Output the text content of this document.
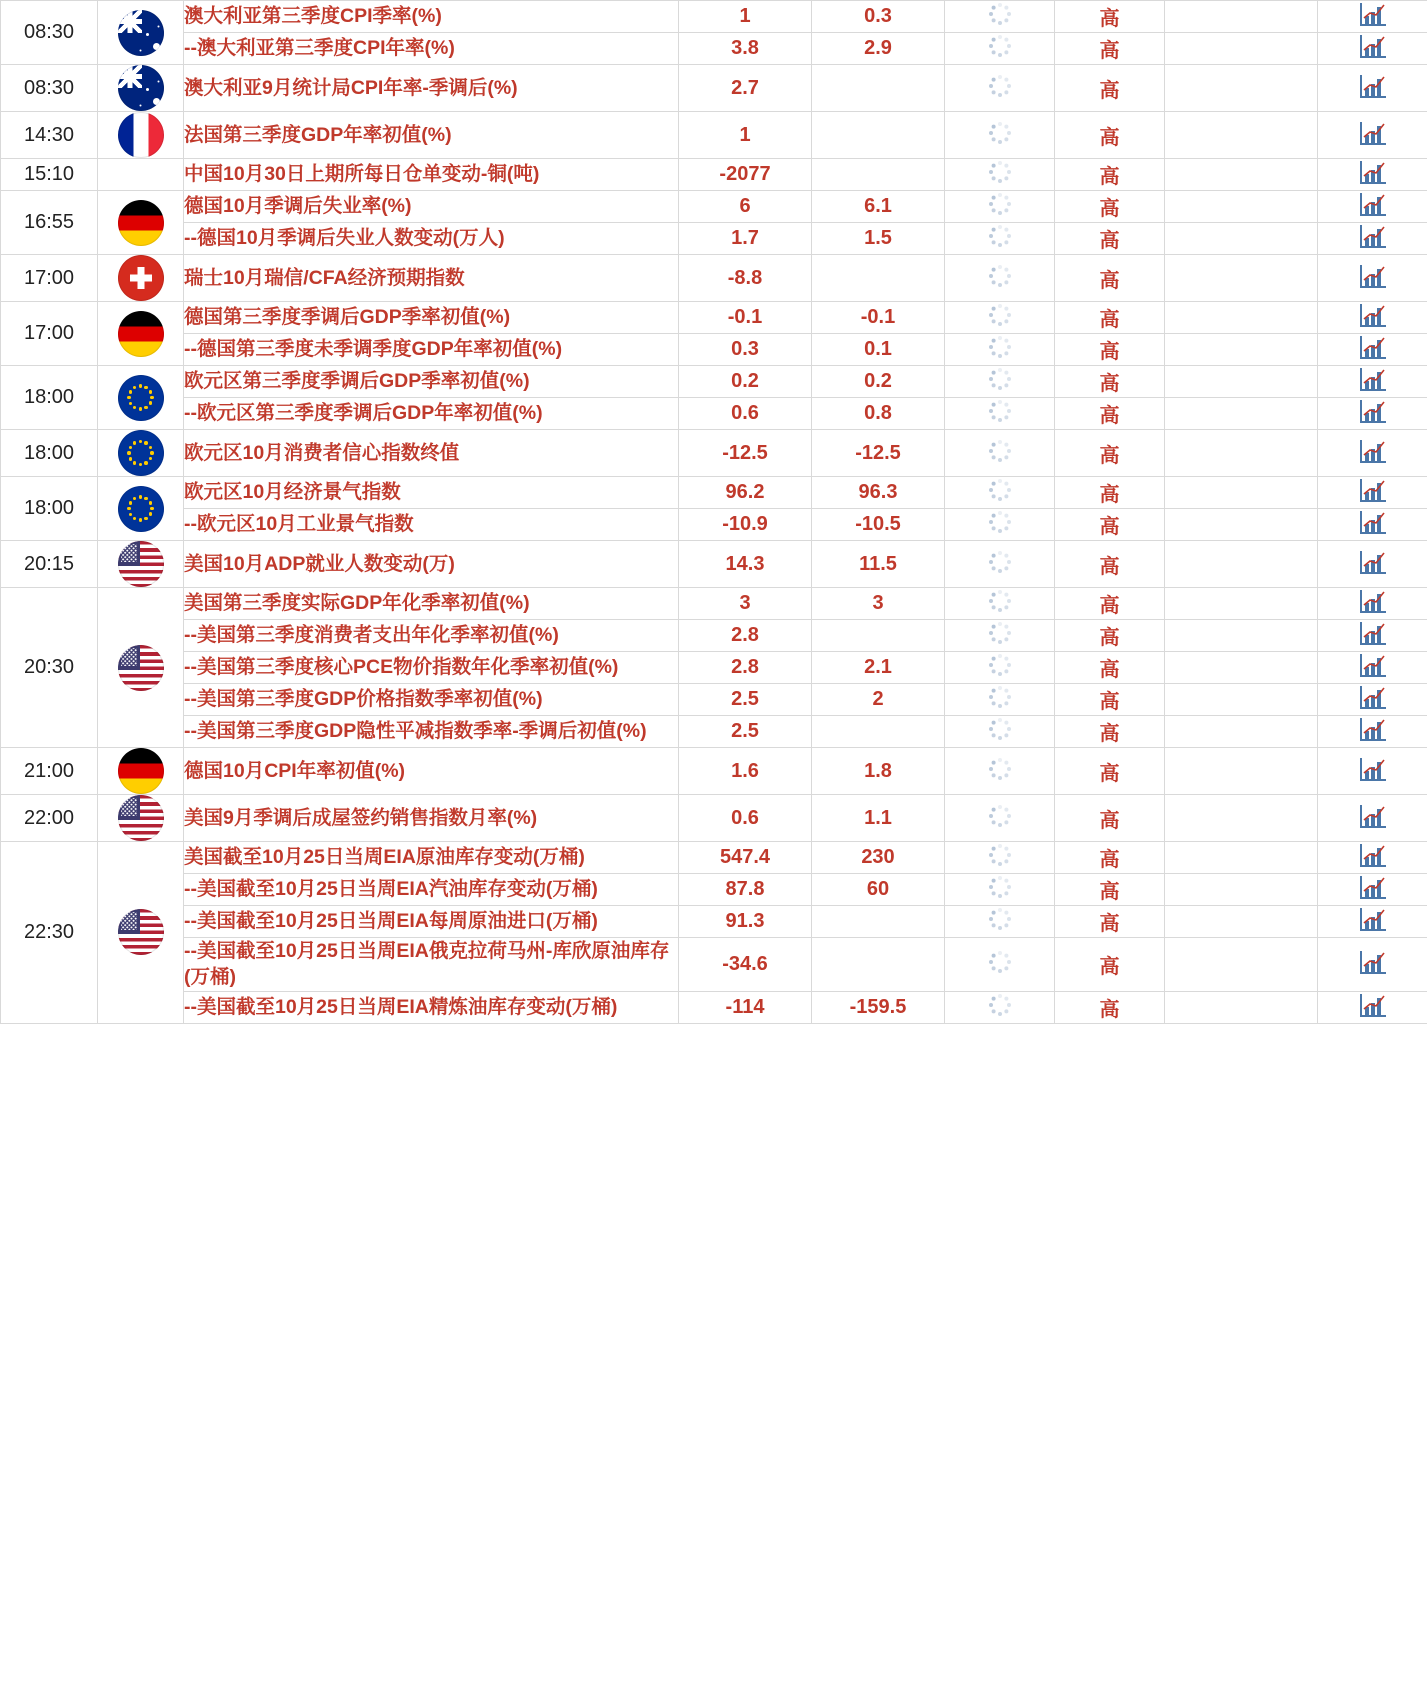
08:30		澳大利亚第三季度CPI季率(%)	1	0.3		高		
		--澳大利亚第三季度CPI年率(%)	3.8	2.9		高		
08:30		澳大利亚9月统计局CPI年率-季调后(%)	2.7			高		
14:30		法国第三季度GDP年率初值(%)	1			高		
15:10		中国10月30日上期所每日仓单变动-铜(吨)	-2077			高		
16:55		德国10月季调后失业率(%)	6	6.1		高		
		--德国10月季调后失业人数变动(万人)	1.7	1.5		高		
17:00		瑞士10月瑞信/CFA经济预期指数	-8.8			高		
17:00		德国第三季度季调后GDP季率初值(%)	-0.1	-0.1		高		
		--德国第三季度未季调季度GDP年率初值(%)	0.3	0.1		高		
18:00		欧元区第三季度季调后GDP季率初值(%)	0.2	0.2		高		
		--欧元区第三季度季调后GDP年率初值(%)	0.6	0.8		高		
18:00		欧元区10月消费者信心指数终值	-12.5	-12.5		高		
18:00		欧元区10月经济景气指数	96.2	96.3		高		
		--欧元区10月工业景气指数	-10.9	-10.5		高		
20:15		美国10月ADP就业人数变动(万)	14.3	11.5		高		
20:30		美国第三季度实际GDP年化季率初值(%)	3	3		高		
		--美国第三季度消费者支出年化季率初值(%)	2.8			高		
		--美国第三季度核心PCE物价指数年化季率初值(%)	2.8	2.1		高		
		--美国第三季度GDP价格指数季率初值(%)	2.5	2		高		
		--美国第三季度GDP隐性平减指数季率-季调后初值(%)	2.5			高		
21:00		德国10月CPI年率初值(%)	1.6	1.8		高		
22:00		美国9月季调后成屋签约销售指数月率(%)	0.6	1.1		高		
22:30		美国截至10月25日当周EIA原油库存变动(万桶)	547.4	230		高		
		--美国截至10月25日当周EIA汽油库存变动(万桶)	87.8	60		高		
		--美国截至10月25日当周EIA每周原油进口(万桶)	91.3			高		
		--美国截至10月25日当周EIA俄克拉荷马州-库欣原油库存(万桶)	-34.6			高		
		--美国截至10月25日当周EIA精炼油库存变动(万桶)	-114	-159.5		高		
